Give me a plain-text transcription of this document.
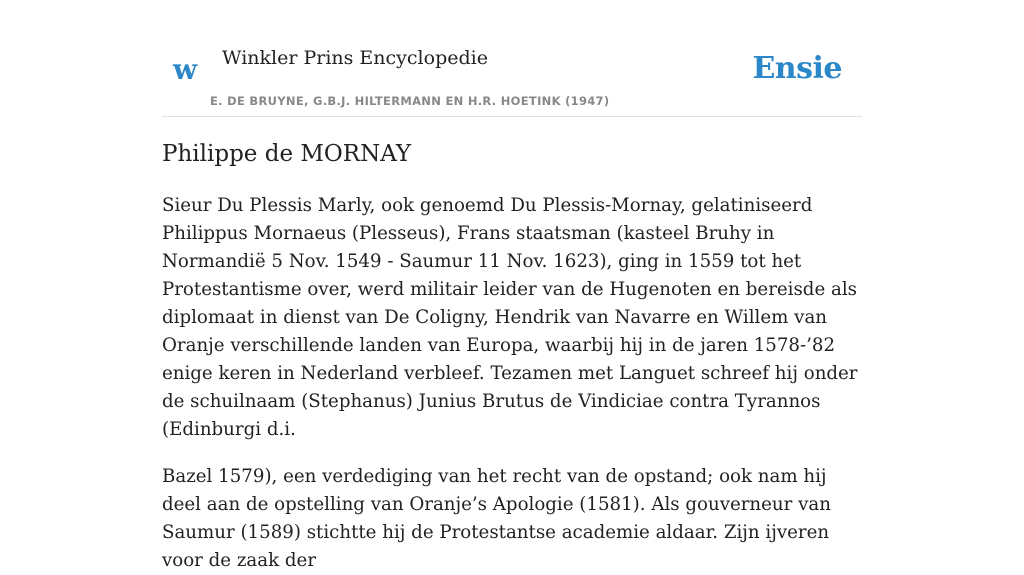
w Winkler Prins Encyclopedie
E. DE BRUYNE, G.B.J. HILTERMANN EN H.R. HOETINK (1947)
Ensie
Philippe de MORNAY

Sieur Du Plessis Marly, ook genoemd Du Plessis-Mornay, gelatiniseerd Philippus Mornaeus (Plesseus), Frans staatsman (kasteel Bruhy in Normandië 5 Nov. 1549 - Saumur 11 Nov. 1623), ging in 1559 tot het Protestantisme over, werd militair leider van de Hugenoten en bereisde als diplomaat in dienst van De Coligny, Hendrik van Navarre en Willem van Oranje verschillende landen van Europa, waarbij hij in de jaren 1578-’82 enige keren in Nederland verbleef. Tezamen met Languet schreef hij onder de schuilnaam (Stephanus) Junius Brutus de Vindiciae contra Tyrannos (Edinburgi d.i.

Bazel 1579), een verdediging van het recht van de opstand; ook nam hij deel aan de opstelling van Oranje’s Apologie (1581). Als gouverneur van Saumur (1589) stichtte hij de Protestantse academie aldaar. Zijn ijveren voor de zaak der
